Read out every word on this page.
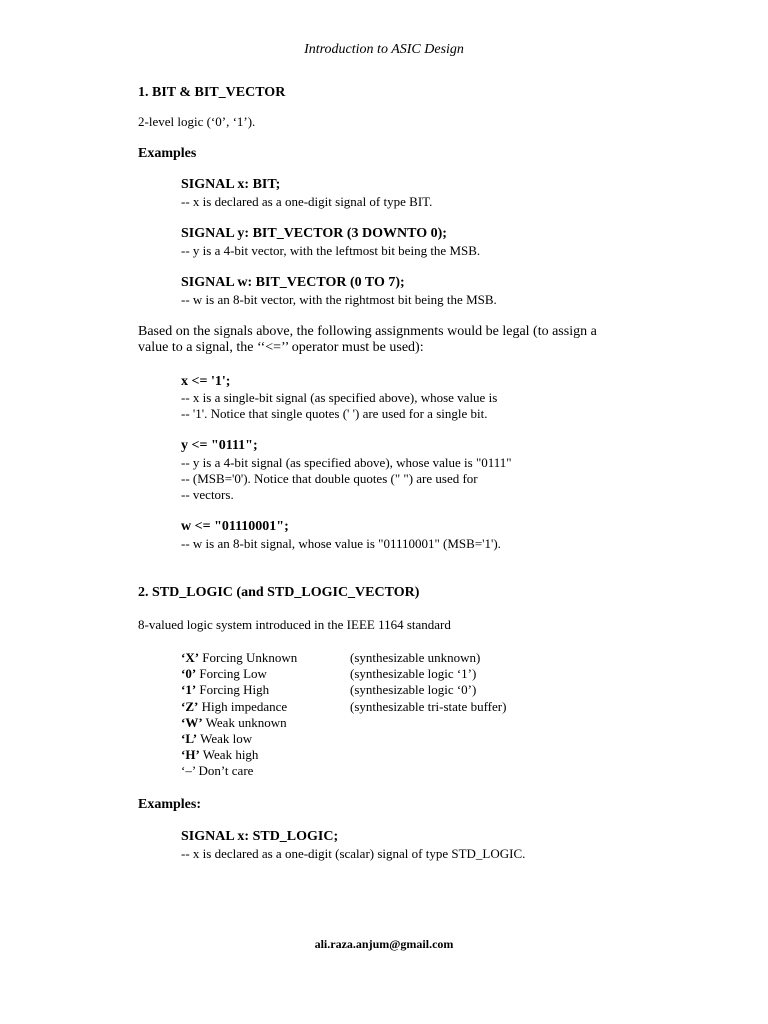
Introduction to ASIC Design
1. BIT & BIT_VECTOR
2-level logic (‘0’, ‘1’).
Examples
SIGNAL x: BIT;
-- x is declared as a one-digit signal of type BIT.
SIGNAL y: BIT_VECTOR (3 DOWNTO 0);
-- y is a 4-bit vector, with the leftmost bit being the MSB.
SIGNAL w: BIT_VECTOR (0 TO 7);
-- w is an 8-bit vector, with the rightmost bit being the MSB.
Based on the signals above, the following assignments would be legal (to assign a
value to a signal, the ‘‘<=’’ operator must be used):
x <= '1';
-- x is a single-bit signal (as specified above), whose value is
-- '1'. Notice that single quotes (' ') are used for a single bit.
y <= "0111";
-- y is a 4-bit signal (as specified above), whose value is "0111"
-- (MSB='0'). Notice that double quotes (" ") are used for
-- vectors.
w <= "01110001";
-- w is an 8-bit signal, whose value is "01110001" (MSB='1').
2. STD_LOGIC (and STD_LOGIC_VECTOR)
8-valued logic system introduced in the IEEE 1164 standard
‘X’ Forcing Unknown	(synthesizable unknown)
‘0’ Forcing Low	(synthesizable logic ‘1’)
‘1’ Forcing High	(synthesizable logic ‘0’)
‘Z’ High impedance	(synthesizable tri-state buffer)
‘W’ Weak unknown
‘L’ Weak low
‘H’ Weak high
‘–’ Don’t care
Examples:
SIGNAL x: STD_LOGIC;
-- x is declared as a one-digit (scalar) signal of type STD_LOGIC.
ali.raza.anjum@gmail.com
